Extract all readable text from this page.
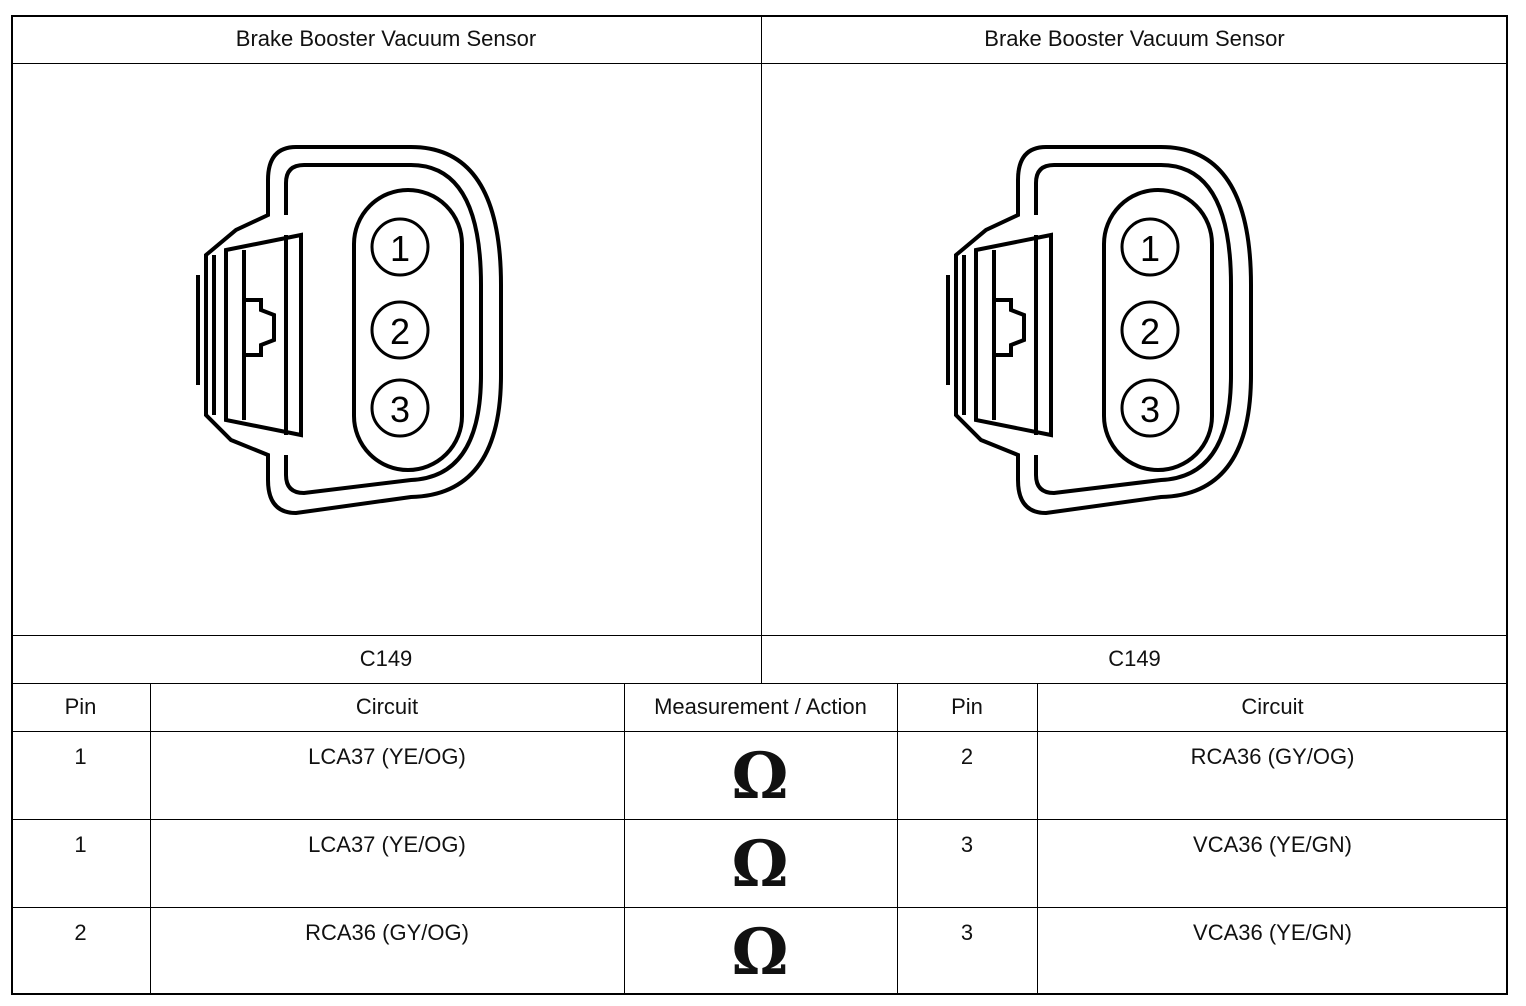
Brake Booster Vacuum Sensor	Brake Booster Vacuum Sensor
1
2
3
1
2
3
C149	C149
Pin	Circuit	Measurement / Action	Pin	Circuit
1	LCA37 (YE/OG)	Ω	2	RCA36 (GY/OG)
1	LCA37 (YE/OG)	Ω	3	VCA36 (YE/GN)
2	RCA36 (GY/OG)	Ω	3	VCA36 (YE/GN)
